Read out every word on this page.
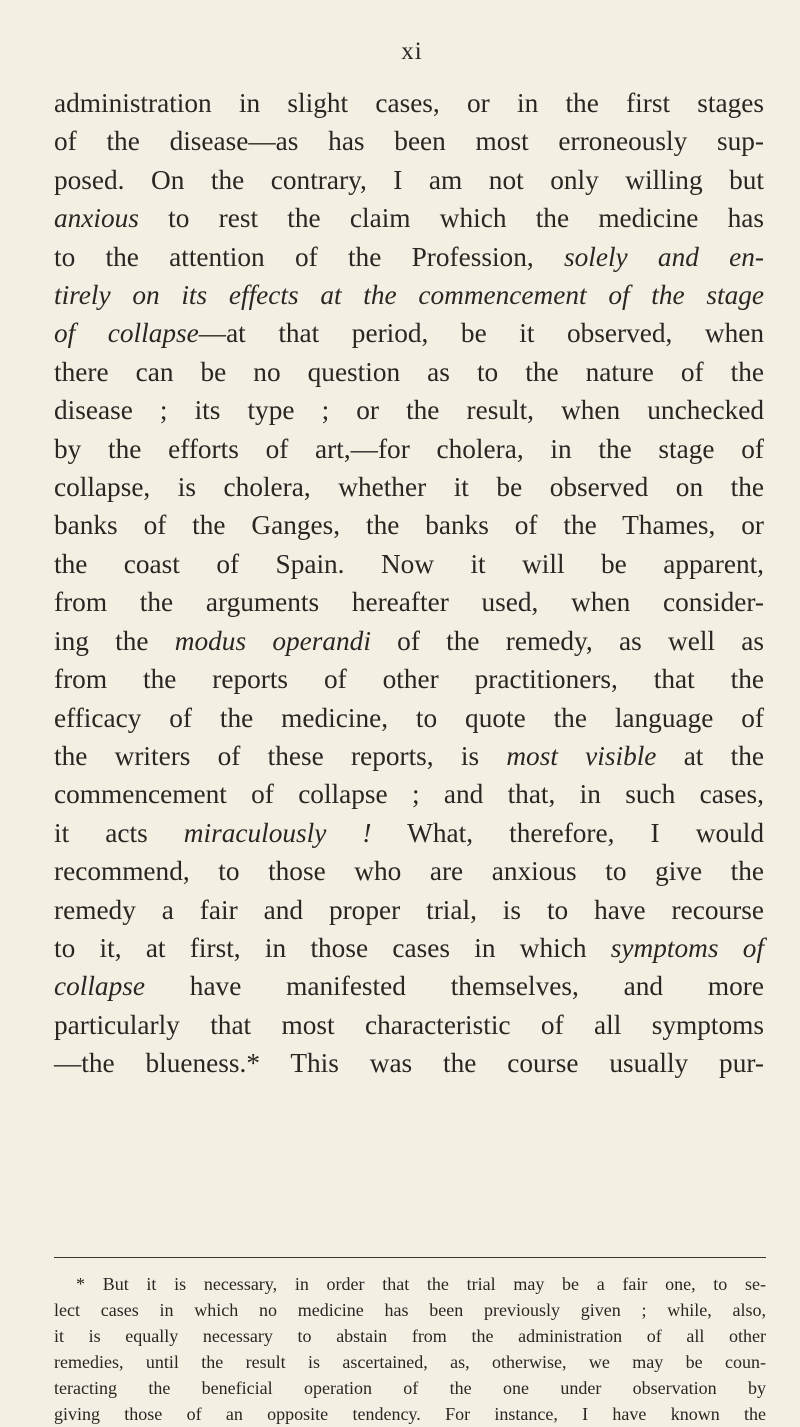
xi
administration in slight cases, or in the first stages
of the disease—as has been most erroneously sup-
posed. On the contrary, I am not only willing but
anxious to rest the claim which the medicine has
to the attention of the Profession, solely and en-
tirely on its effects at the commencement of the stage
of collapse—at that period, be it observed, when
there can be no question as to the nature of the
disease ; its type ; or the result, when unchecked
by the efforts of art,—for cholera, in the stage of
collapse, is cholera, whether it be observed on the
banks of the Ganges, the banks of the Thames, or
the coast of Spain. Now it will be apparent,
from the arguments hereafter used, when consider-
ing the modus operandi of the remedy, as well as
from the reports of other practitioners, that the
efficacy of the medicine, to quote the language of
the writers of these reports, is most visible at the
commencement of collapse ; and that, in such cases,
it acts miraculously ! What, therefore, I would
recommend, to those who are anxious to give the
remedy a fair and proper trial, is to have recourse
to it, at first, in those cases in which symptoms of
collapse have manifested themselves, and more
particularly that most characteristic of all symptoms
—the blueness.* This was the course usually pur-
* But it is necessary, in order that the trial may be a fair one, to se-
lect cases in which no medicine has been previously given ; while, also,
it is equally necessary to abstain from the administration of all other
remedies, until the result is ascertained, as, otherwise, we may be coun-
teracting the beneficial operation of the one under observation by
giving those of an opposite tendency. For instance, I have known the
